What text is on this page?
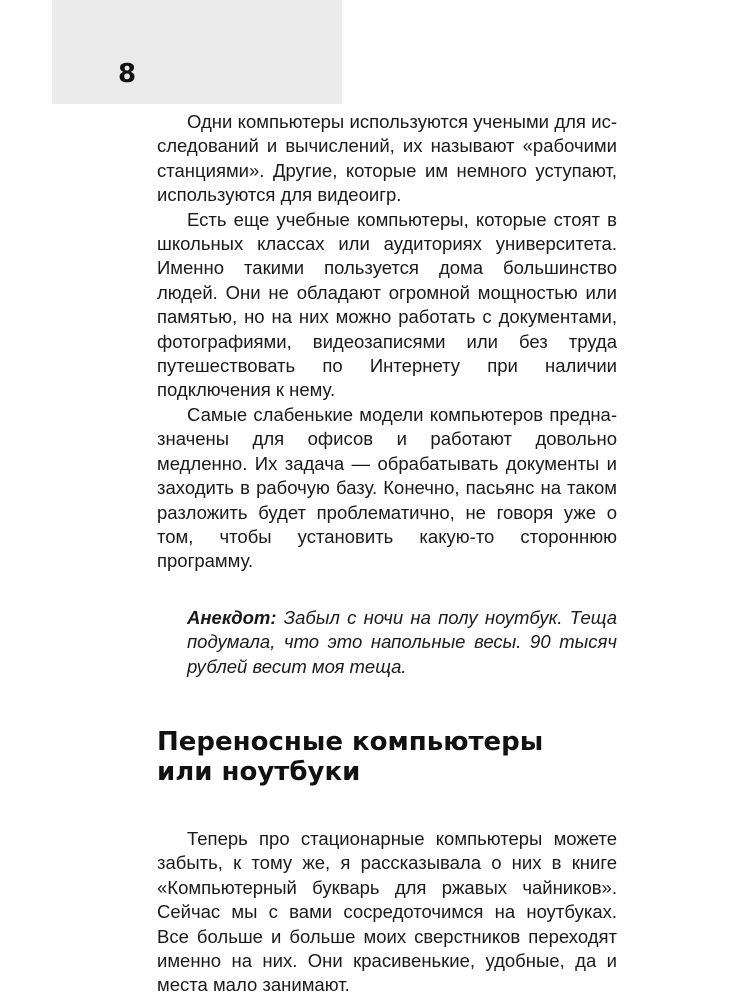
8

Одни компьютеры используются учеными для исследований и вычислений, их называют «рабочими станциями». Другие, которые им немного уступают, используются для видеоигр.

Есть еще учебные компьютеры, которые стоят в школьных классах или аудиториях университета. Именно такими пользуется дома большинство людей. Они не обладают огромной мощностью или памятью, но на них можно работать с документами, фотографиями, видеозаписями или без труда путешествовать по Интернету при наличии подключения к нему.

Самые слабенькие модели компьютеров предназначены для офисов и работают довольно медленно. Их задача — обрабатывать документы и заходить в рабочую базу. Конечно, пасьянс на таком разложить будет проблематично, не говоря уже о том, чтобы установить какую-то стороннюю программу.

Анекдот: Забыл с ночи на полу ноутбук. Теща подумала, что это напольные весы. 90 тысяч рублей весит моя теща.

Переносные компьютеры
или ноутбуки

Теперь про стационарные компьютеры можете забыть, к тому же, я рассказывала о них в книге «Компьютерный букварь для ржавых чайников». Сейчас мы с вами сосредоточимся на ноутбуках. Все больше и больше моих сверстников переходят именно на них. Они красивенькие, удобные, да и места мало занимают.
